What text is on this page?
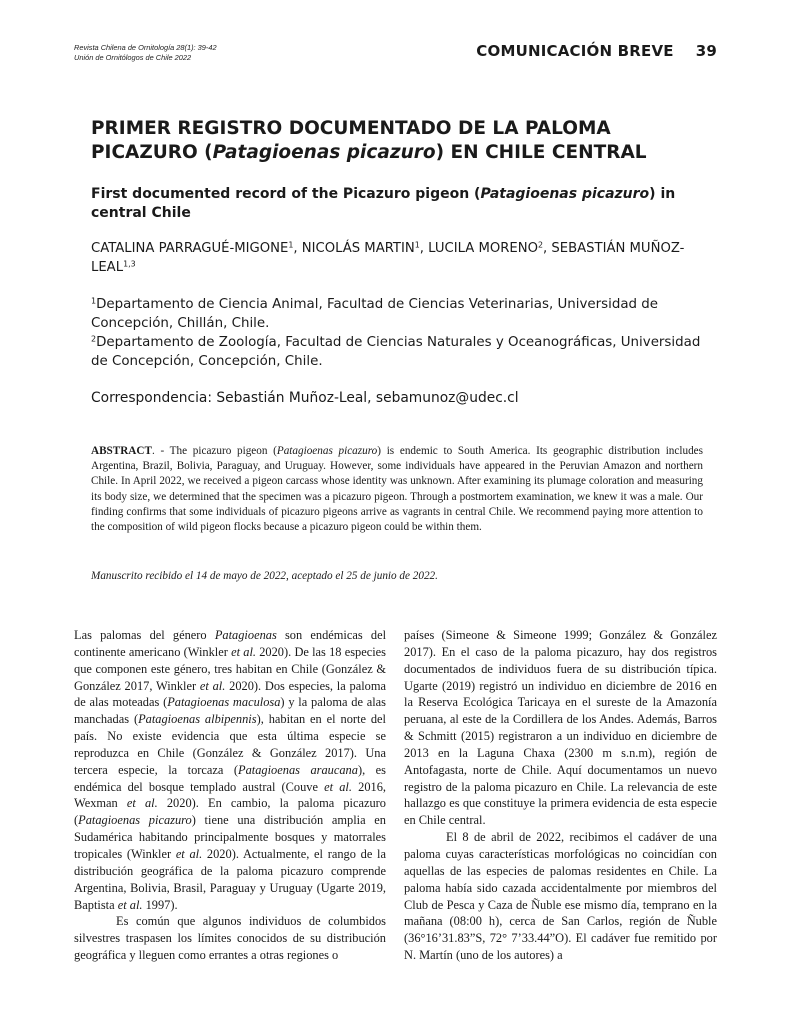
Revista Chilena de Ornitología 28(1): 39-42
Unión de Ornitólogos de Chile 2022	COMUNICACIÓN BREVE 39
PRIMER REGISTRO DOCUMENTADO DE LA PALOMA PICAZURO (Patagioenas picazuro) EN CHILE CENTRAL
First documented record of the Picazuro pigeon (Patagioenas picazuro) in central Chile

CATALINA PARRAGUÉ-MIGONE$^1$, NICOLÁS MARTIN$^1$, LUCILA MORENO$^2$, SEBASTIÁN MUÑOZ-LEAL$^{1,3}$

$^1$Departamento de Ciencia Animal, Facultad de Ciencias Veterinarias, Universidad de Concepción, Chillán, Chile.
$^2$Departamento de Zoología, Facultad de Ciencias Naturales y Oceanográficas, Universidad de Concepción, Concepción, Chile.

Correspondencia: Sebastián Muñoz-Leal, sebamunoz@udec.cl

ABSTRACT. - The picazuro pigeon (Patagioenas picazuro) is endemic to South America. Its geographic distribution includes Argentina, Brazil, Bolivia, Paraguay, and Uruguay. However, some individuals have appeared in the Peruvian Amazon and northern Chile. In April 2022, we received a pigeon carcass whose identity was unknown. After examining its plumage coloration and measuring its body size, we determined that the specimen was a picazuro pigeon. Through a postmortem examination, we knew it was a male. Our finding confirms that some individuals of picazuro pigeons arrive as vagrants in central Chile. We recommend paying more attention to the composition of wild pigeon flocks because a picazuro pigeon could be within them.

Manuscrito recibido el 14 de mayo de 2022, aceptado el 25 de junio de 2022.

Las palomas del género Patagioenas son endémicas del continente americano (Winkler et al. 2020). De las 18 especies que componen este género, tres habitan en Chile (González & González 2017, Winkler et al. 2020). Dos especies, la paloma de alas moteadas (Patagioenas maculosa) y la paloma de alas manchadas (Patagioenas albipennis), habitan en el norte del país. No existe evidencia que esta última especie se reproduzca en Chile (González & González 2017). Una tercera especie, la torcaza (Patagioenas araucana), es endémica del bosque templado austral (Couve et al. 2016, Wexman et al. 2020). En cambio, la paloma picazuro (Patagioenas picazuro) tiene una distribución amplia en Sudamérica habitando principalmente bosques y matorrales tropicales (Winkler et al. 2020). Actualmente, el rango de la distribución geográfica de la paloma picazuro comprende Argentina, Bolivia, Brasil, Paraguay y Uruguay (Ugarte 2019, Baptista et al. 1997).

Es común que algunos individuos de columbidos silvestres traspasen los límites conocidos de su distribución geográfica y lleguen como errantes a otras regiones o

países (Simeone & Simeone 1999; González & González 2017). En el caso de la paloma picazuro, hay dos registros documentados de individuos fuera de su distribución típica. Ugarte (2019) registró un individuo en diciembre de 2016 en la Reserva Ecológica Taricaya en el sureste de la Amazonía peruana, al este de la Cordillera de los Andes. Además, Barros & Schmitt (2015) registraron a un individuo en diciembre de 2013 en la Laguna Chaxa (2300 m s.n.m), región de Antofagasta, norte de Chile. Aquí documentamos un nuevo registro de la paloma picazuro en Chile. La relevancia de este hallazgo es que constituye la primera evidencia de esta especie en Chile central.

El 8 de abril de 2022, recibimos el cadáver de una paloma cuyas características morfológicas no coincidían con aquellas de las especies de palomas residentes en Chile. La paloma había sido cazada accidentalmente por miembros del Club de Pesca y Caza de Ñuble ese mismo día, temprano en la mañana (08:00 h), cerca de San Carlos, región de Ñuble (36°16’31.83”S, 72° 7’33.44”O). El cadáver fue remitido por N. Martín (uno de los autores) a
